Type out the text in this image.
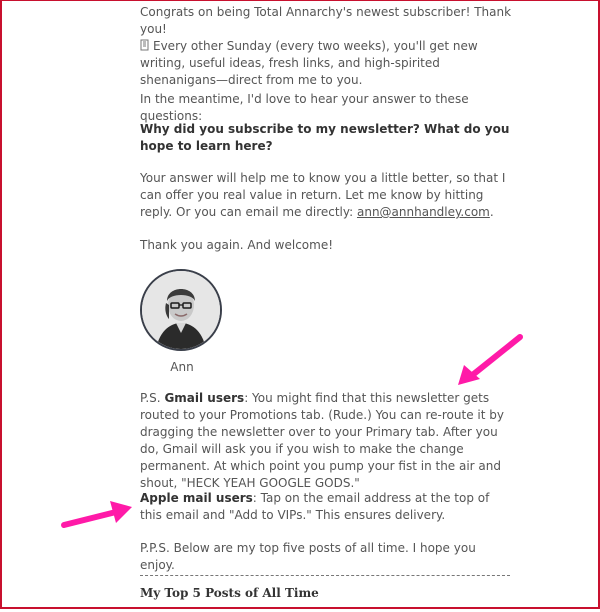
Congrats on being Total Annarchy's newest subscriber! Thank you!

Every other Sunday (every two weeks), you'll get new writing, useful ideas, fresh links, and high-spirited shenanigans—direct from me to you.

In the meantime, I'd love to hear your answer to these questions:

Why did you subscribe to my newsletter? What do you hope to learn here?

Your answer will help me to know you a little better, so that I can offer you real value in return. Let me know by hitting reply. Or you can email me directly: ann@annhandley.com.

Thank you again. And welcome!

Ann

P.S. Gmail users: You might find that this newsletter gets routed to your Promotions tab. (Rude.) You can re-route it by dragging the newsletter over to your Primary tab. After you do, Gmail will ask you if you wish to make the change permanent. At which point you pump your fist in the air and shout, "HECK YEAH GOOGLE GODS."

Apple mail users: Tap on the email address at the top of this email and "Add to VIPs." This ensures delivery.

P.P.S. Below are my top five posts of all time. I hope you enjoy.

My Top 5 Posts of All Time
